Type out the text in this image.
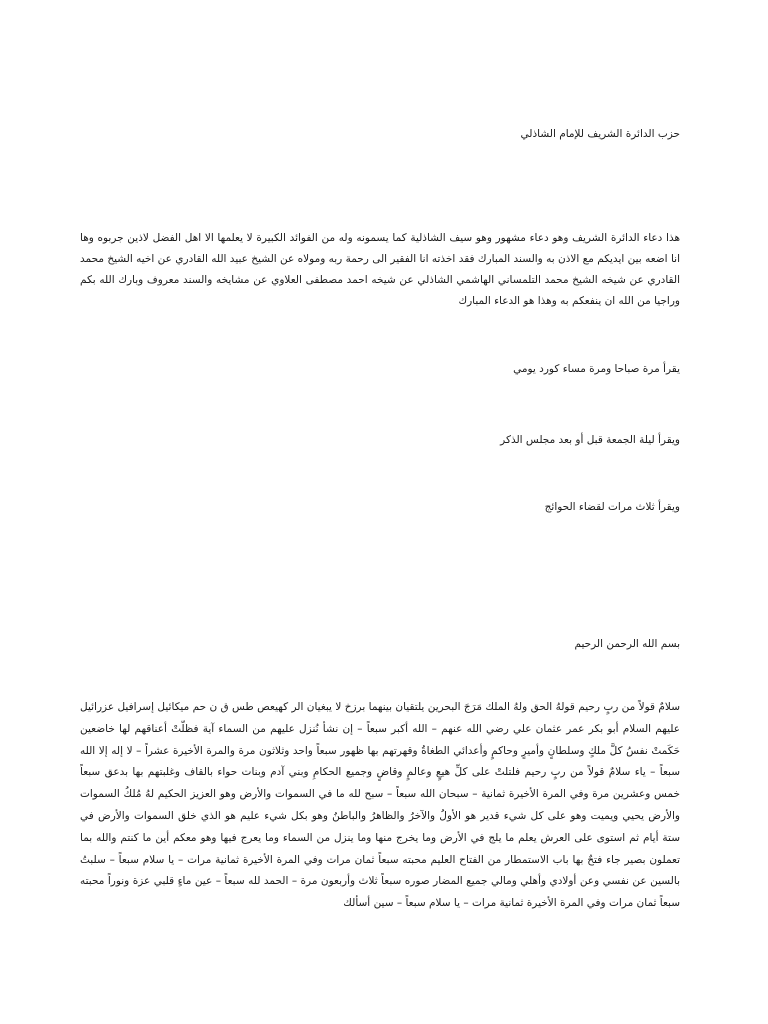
حزب الدائرة الشريف للإمام الشاذلي

هذا دعاء الدائرة الشريف وهو دعاء مشهور وهو سيف الشاذلية كما يسمونه وله من الفوائد الكبيرة لا يعلمها الا اهل الفضل لاذين جربوه وها انا اضعه بين ايديكم مع الاذن به والسند المبارك فقد اخذته انا الفقير الى رحمة ربه ومولاه عن الشيخ عبيد الله القادري عن اخيه الشيخ محمد القادري عن شيخه الشيخ محمد التلمساني الهاشمي الشاذلي عن شيخه احمد مصطفى العلاوي عن مشايخه والسند معروف وبارك الله بكم وراجيا من الله ان ينفعكم به وهذا هو الدعاء المبارك

يقرأ مرة صباحا ومرة مساء كورد يومي

ويقرأ ليلة الجمعة قبل أو بعد مجلس الذكر

ويقرأ ثلاث مرات لقضاء الحوائج

بسم الله الرحمن الرحيم

سلامٌ قولاً من ربٍ رحيم قولهُ الحق ولهُ الملك مَرَجَ البحرين يلتقيان بينهما برزخ لا يبغيان الر كهيعص طس ق ن حم ميكائيل إسرافيل عزرائيل عليهم السلام أبو بكر عمر عثمان علي رضي الله عنهم – الله أكبر سبعاً – إن نشأ نُنزل عليهم من السماء آية فظلّتْ أعناقهم لها خاضعين حَكَمتْ نفسُ كلَّ ملكٍ وسلطانٍ وأميرٍ وحاكمٍ وأعدائي الطغاةُ وقهرتهم بها ظهور سبعاً واحد وثلاثون مرة والمرة الأخيرة عشراً – لا إله إلا الله سبعاً – ياء سلامٌ قولاً من ربٍ رحيم فلتلتْ على كلِّ هيعٍ وعالمٍ وقاضٍ وجميع الحكامِ وبني آدم وبنات حواء بالقاف وغلبتهم بها بدعق سبعاً خمس وعشرين مرة وفي المرة الأخيرة ثمانية – سبحان الله سبعاً – سبح لله ما في السموات والأرض وهو العزيز الحكيم لهُ مُلكُ السموات والأرض يحيي ويميت وهو على كل شيء قدير هو الأولُ والآخرُ والظاهرُ والباطنُ وهو بكل شيء عليم هو الذي خلق السموات والأرض في ستة أيام ثم استوى على العرش يعلم ما يلج في الأرض وما يخرج منها وما ينزل من السماء وما يعرج فيها وهو معكم أين ما كنتم والله بما تعملون بصير جاء فتحٌ بها باب الاستمطار من الفتاح العليم محبته سبعاً ثمان مرات وفي المرة الأخيرة ثمانية مرات – يا سلام سبعاً – سلبتُ بالسين عن نفسي وعن أولادي وأهلي ومالي جميع المضار صوره سبعاً ثلاث وأربعون مرة – الحمد لله سبعاً – عين ماءٍ قلبي عزة ونوراً محبته سبعاً ثمان مرات وفي المرة الأخيرة ثمانية مرات – يا سلام سبعاً – سين أسألك
